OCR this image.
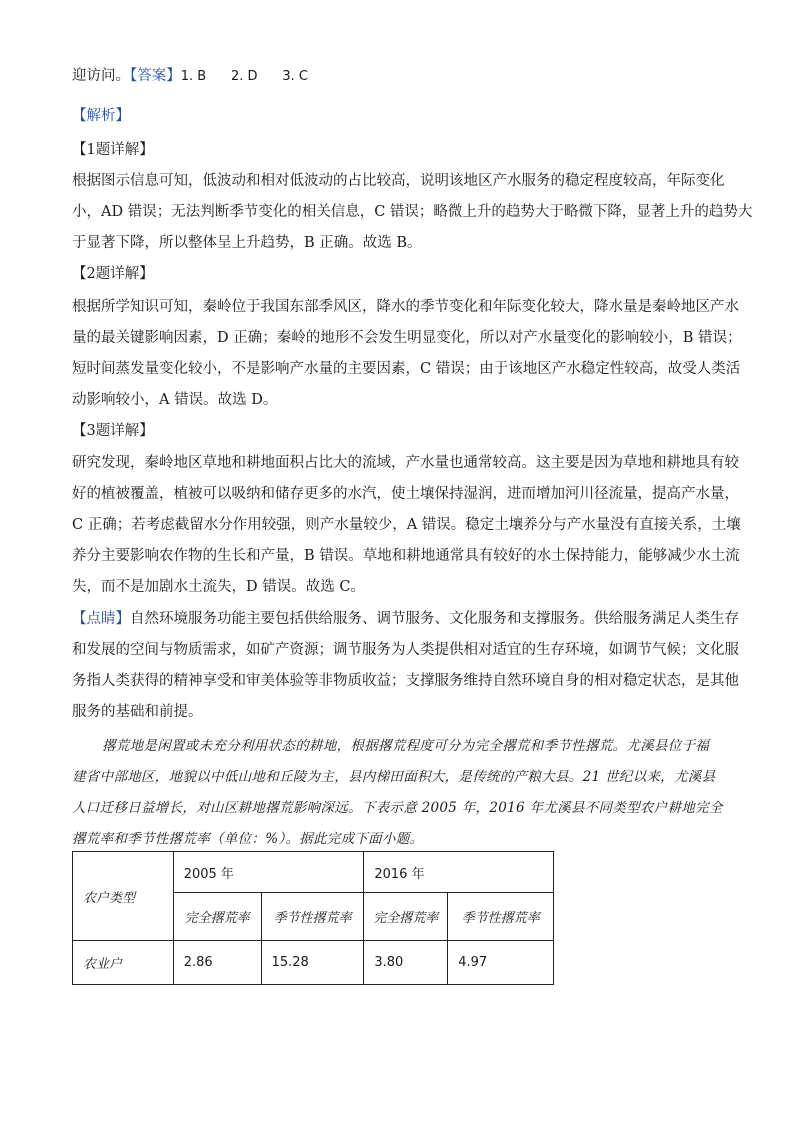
迎访问。【答案】1. B      2. D      3. C
【解析】
【1题详解】
根据图示信息可知，低波动和相对低波动的占比较高，说明该地区产水服务的稳定程度较高，年际变化
小，AD 错误；无法判断季节变化的相关信息，C 错误；略微上升的趋势大于略微下降，显著上升的趋势大
于显著下降，所以整体呈上升趋势，B 正确。故选 B。
【2题详解】
根据所学知识可知，秦岭位于我国东部季风区，降水的季节变化和年际变化较大，降水量是秦岭地区产水
量的最关键影响因素，D 正确；秦岭的地形不会发生明显变化，所以对产水量变化的影响较小，B 错误；
短时间蒸发量变化较小，不是影响产水量的主要因素，C 错误；由于该地区产水稳定性较高，故受人类活
动影响较小，A 错误。故选 D。
【3题详解】
研究发现，秦岭地区草地和耕地面积占比大的流域，产水量也通常较高。这主要是因为草地和耕地具有较
好的植被覆盖，植被可以吸纳和储存更多的水汽，使土壤保持湿润，进而增加河川径流量，提高产水量，
C 正确；若考虑截留水分作用较强，则产水量较少，A 错误。稳定土壤养分与产水量没有直接关系，土壤
养分主要影响农作物的生长和产量，B 错误。草地和耕地通常具有较好的水土保持能力，能够减少水土流
失，而不是加剧水土流失，D 错误。故选 C。
【点睛】自然环境服务功能主要包括供给服务、调节服务、文化服务和支撑服务。供给服务满足人类生存
和发展的空间与物质需求，如矿产资源；调节服务为人类提供相对适宜的生存环境，如调节气候；文化服
务指人类获得的精神享受和审美体验等非物质收益；支撑服务维持自然环境自身的相对稳定状态，是其他
服务的基础和前提。
撂荒地是闲置或未充分利用状态的耕地，根据撂荒程度可分为完全撂荒和季节性撂荒。尤溪县位于福
建省中部地区，地貌以中低山地和丘陵为主，县内梯田面积大，是传统的产粮大县。21 世纪以来，尤溪县
人口迁移日益增长，对山区耕地撂荒影响深远。下表示意 2005 年，2016 年尤溪县不同类型农户耕地完全
撂荒率和季节性撂荒率（单位：%）。据此完成下面小题。
农户类型	2005 年		2016 年	
	完全撂荒率	季节性撂荒率	完全撂荒率	季节性撂荒率
农业户	2.86	15.28	3.80	4.97
